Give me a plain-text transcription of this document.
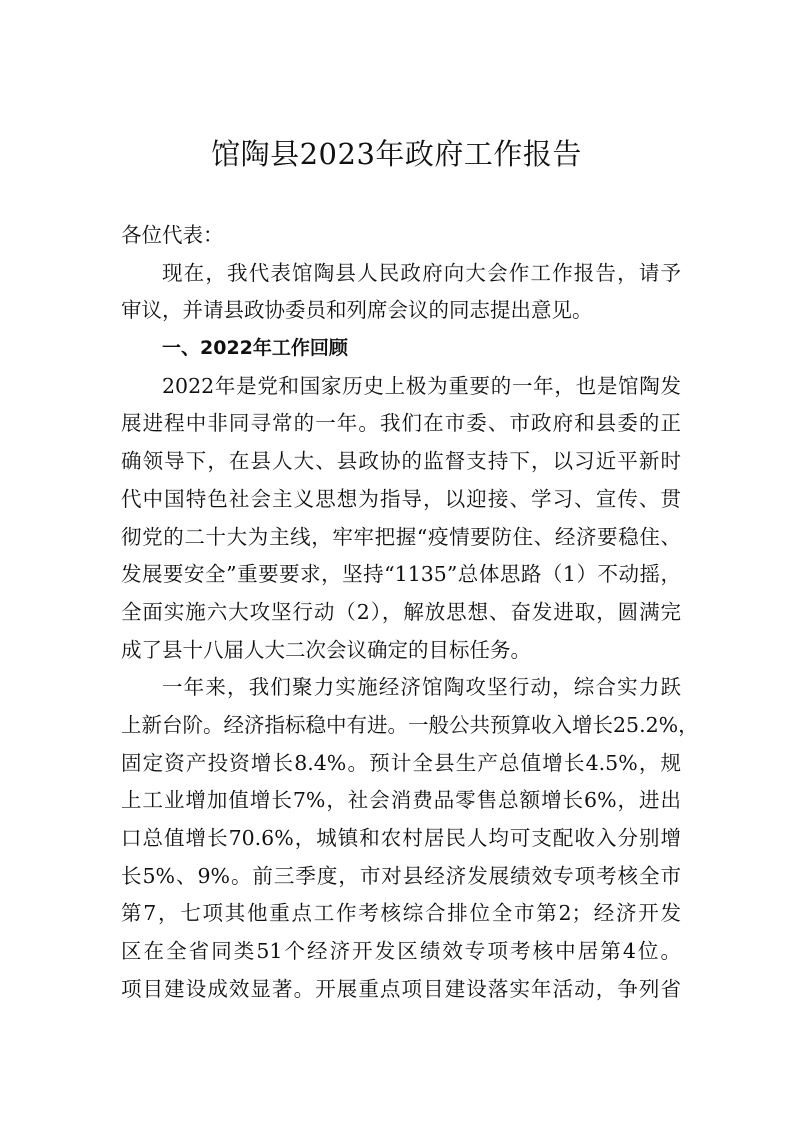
馆陶县2023年政府工作报告
各位代表：
现在，我代表馆陶县人民政府向大会作工作报告，请予
审议，并请县政协委员和列席会议的同志提出意见。
一、2022年工作回顾
2022年是党和国家历史上极为重要的一年，也是馆陶发
展进程中非同寻常的一年。我们在市委、市政府和县委的正
确领导下，在县人大、县政协的监督支持下，以习近平新时
代中国特色社会主义思想为指导，以迎接、学习、宣传、贯
彻党的二十大为主线，牢牢把握“疫情要防住、经济要稳住、
发展要安全”重要要求，坚持“1135”总体思路（1）不动摇，
全面实施六大攻坚行动（2），解放思想、奋发进取，圆满完
成了县十八届人大二次会议确定的目标任务。
一年来，我们聚力实施经济馆陶攻坚行动，综合实力跃
上新台阶。经济指标稳中有进。一般公共预算收入增长25.2%，
固定资产投资增长8.4%。预计全县生产总值增长4.5%，规
上工业增加值增长7%，社会消费品零售总额增长6%，进出
口总值增长70.6%，城镇和农村居民人均可支配收入分别增
长5%、9%。前三季度，市对县经济发展绩效专项考核全市
第7，七项其他重点工作考核综合排位全市第2；经济开发
区在全省同类51个经济开发区绩效专项考核中居第4位。
项目建设成效显著。开展重点项目建设落实年活动，争列省
